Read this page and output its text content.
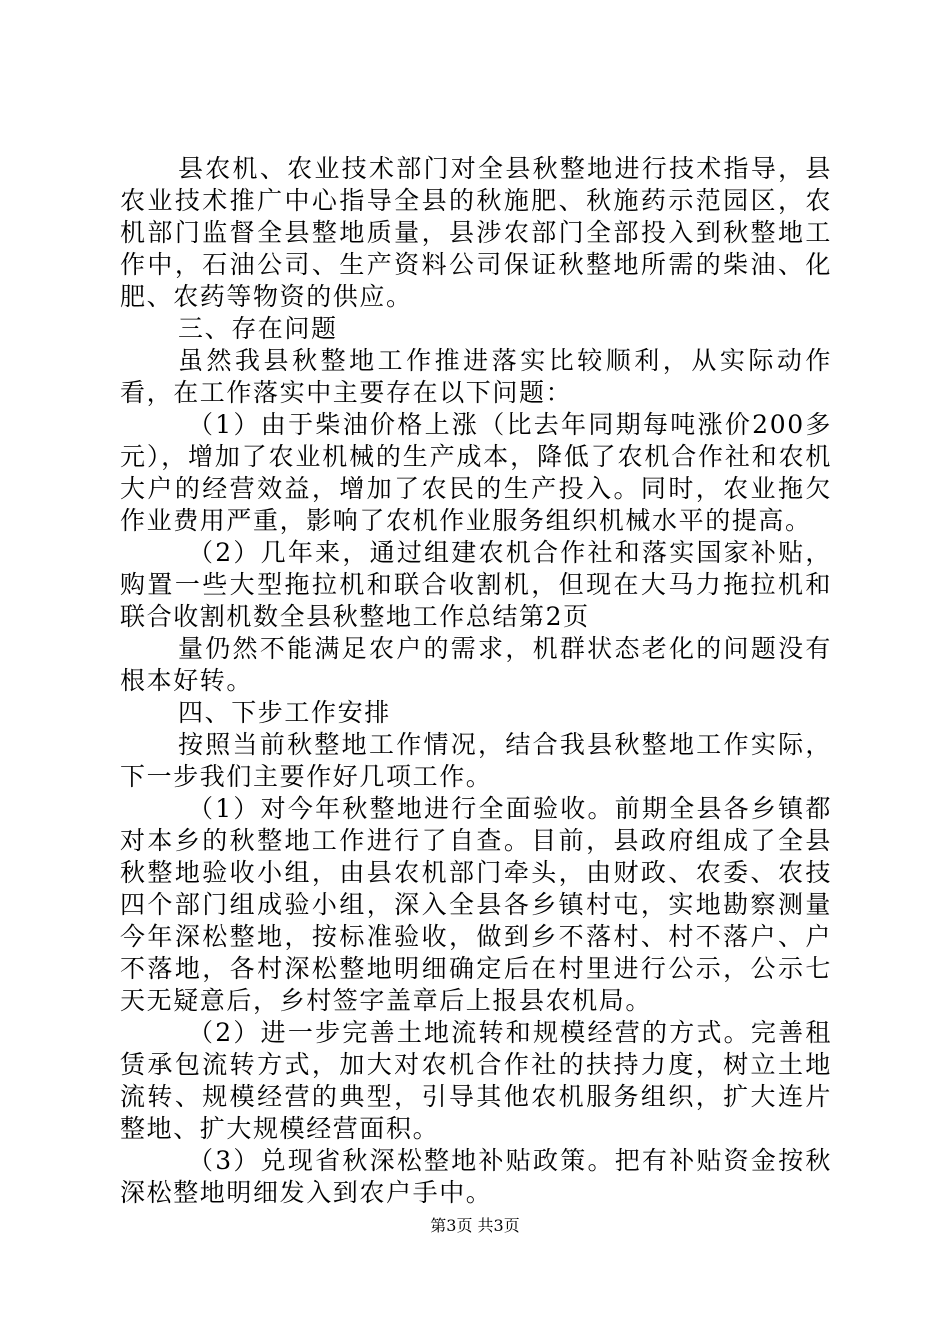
县农机、农业技术部门对全县秋整地进行技术指导，县农业技术推广中心指导全县的秋施肥、秋施药示范园区，农机部门监督全县整地质量，县涉农部门全部投入到秋整地工作中，石油公司、生产资料公司保证秋整地所需的柴油、化肥、农药等物资的供应。

三、存在问题

虽然我县秋整地工作推进落实比较顺利，从实际动作看，在工作落实中主要存在以下问题：

（1）由于柴油价格上涨（比去年同期每吨涨价200多元），增加了农业机械的生产成本，降低了农机合作社和农机大户的经营效益，增加了农民的生产投入。同时，农业拖欠作业费用严重，影响了农机作业服务组织机械水平的提高。

（2）几年来，通过组建农机合作社和落实国家补贴，购置一些大型拖拉机和联合收割机，但现在大马力拖拉机和联合收割机数全县秋整地工作总结第2页

量仍然不能满足农户的需求，机群状态老化的问题没有根本好转。

四、下步工作安排

按照当前秋整地工作情况，结合我县秋整地工作实际，下一步我们主要作好几项工作。

（1）对今年秋整地进行全面验收。前期全县各乡镇都对本乡的秋整地工作进行了自查。目前，县政府组成了全县秋整地验收小组，由县农机部门牵头，由财政、农委、农技四个部门组成验小组，深入全县各乡镇村屯，实地勘察测量今年深松整地，按标准验收，做到乡不落村、村不落户、户不落地，各村深松整地明细确定后在村里进行公示，公示七天无疑意后，乡村签字盖章后上报县农机局。

（2）进一步完善土地流转和规模经营的方式。完善租赁承包流转方式，加大对农机合作社的扶持力度，树立土地流转、规模经营的典型，引导其他农机服务组织，扩大连片整地、扩大规模经营面积。

（3）兑现省秋深松整地补贴政策。把有补贴资金按秋深松整地明细发入到农户手中。

第3页 共3页
